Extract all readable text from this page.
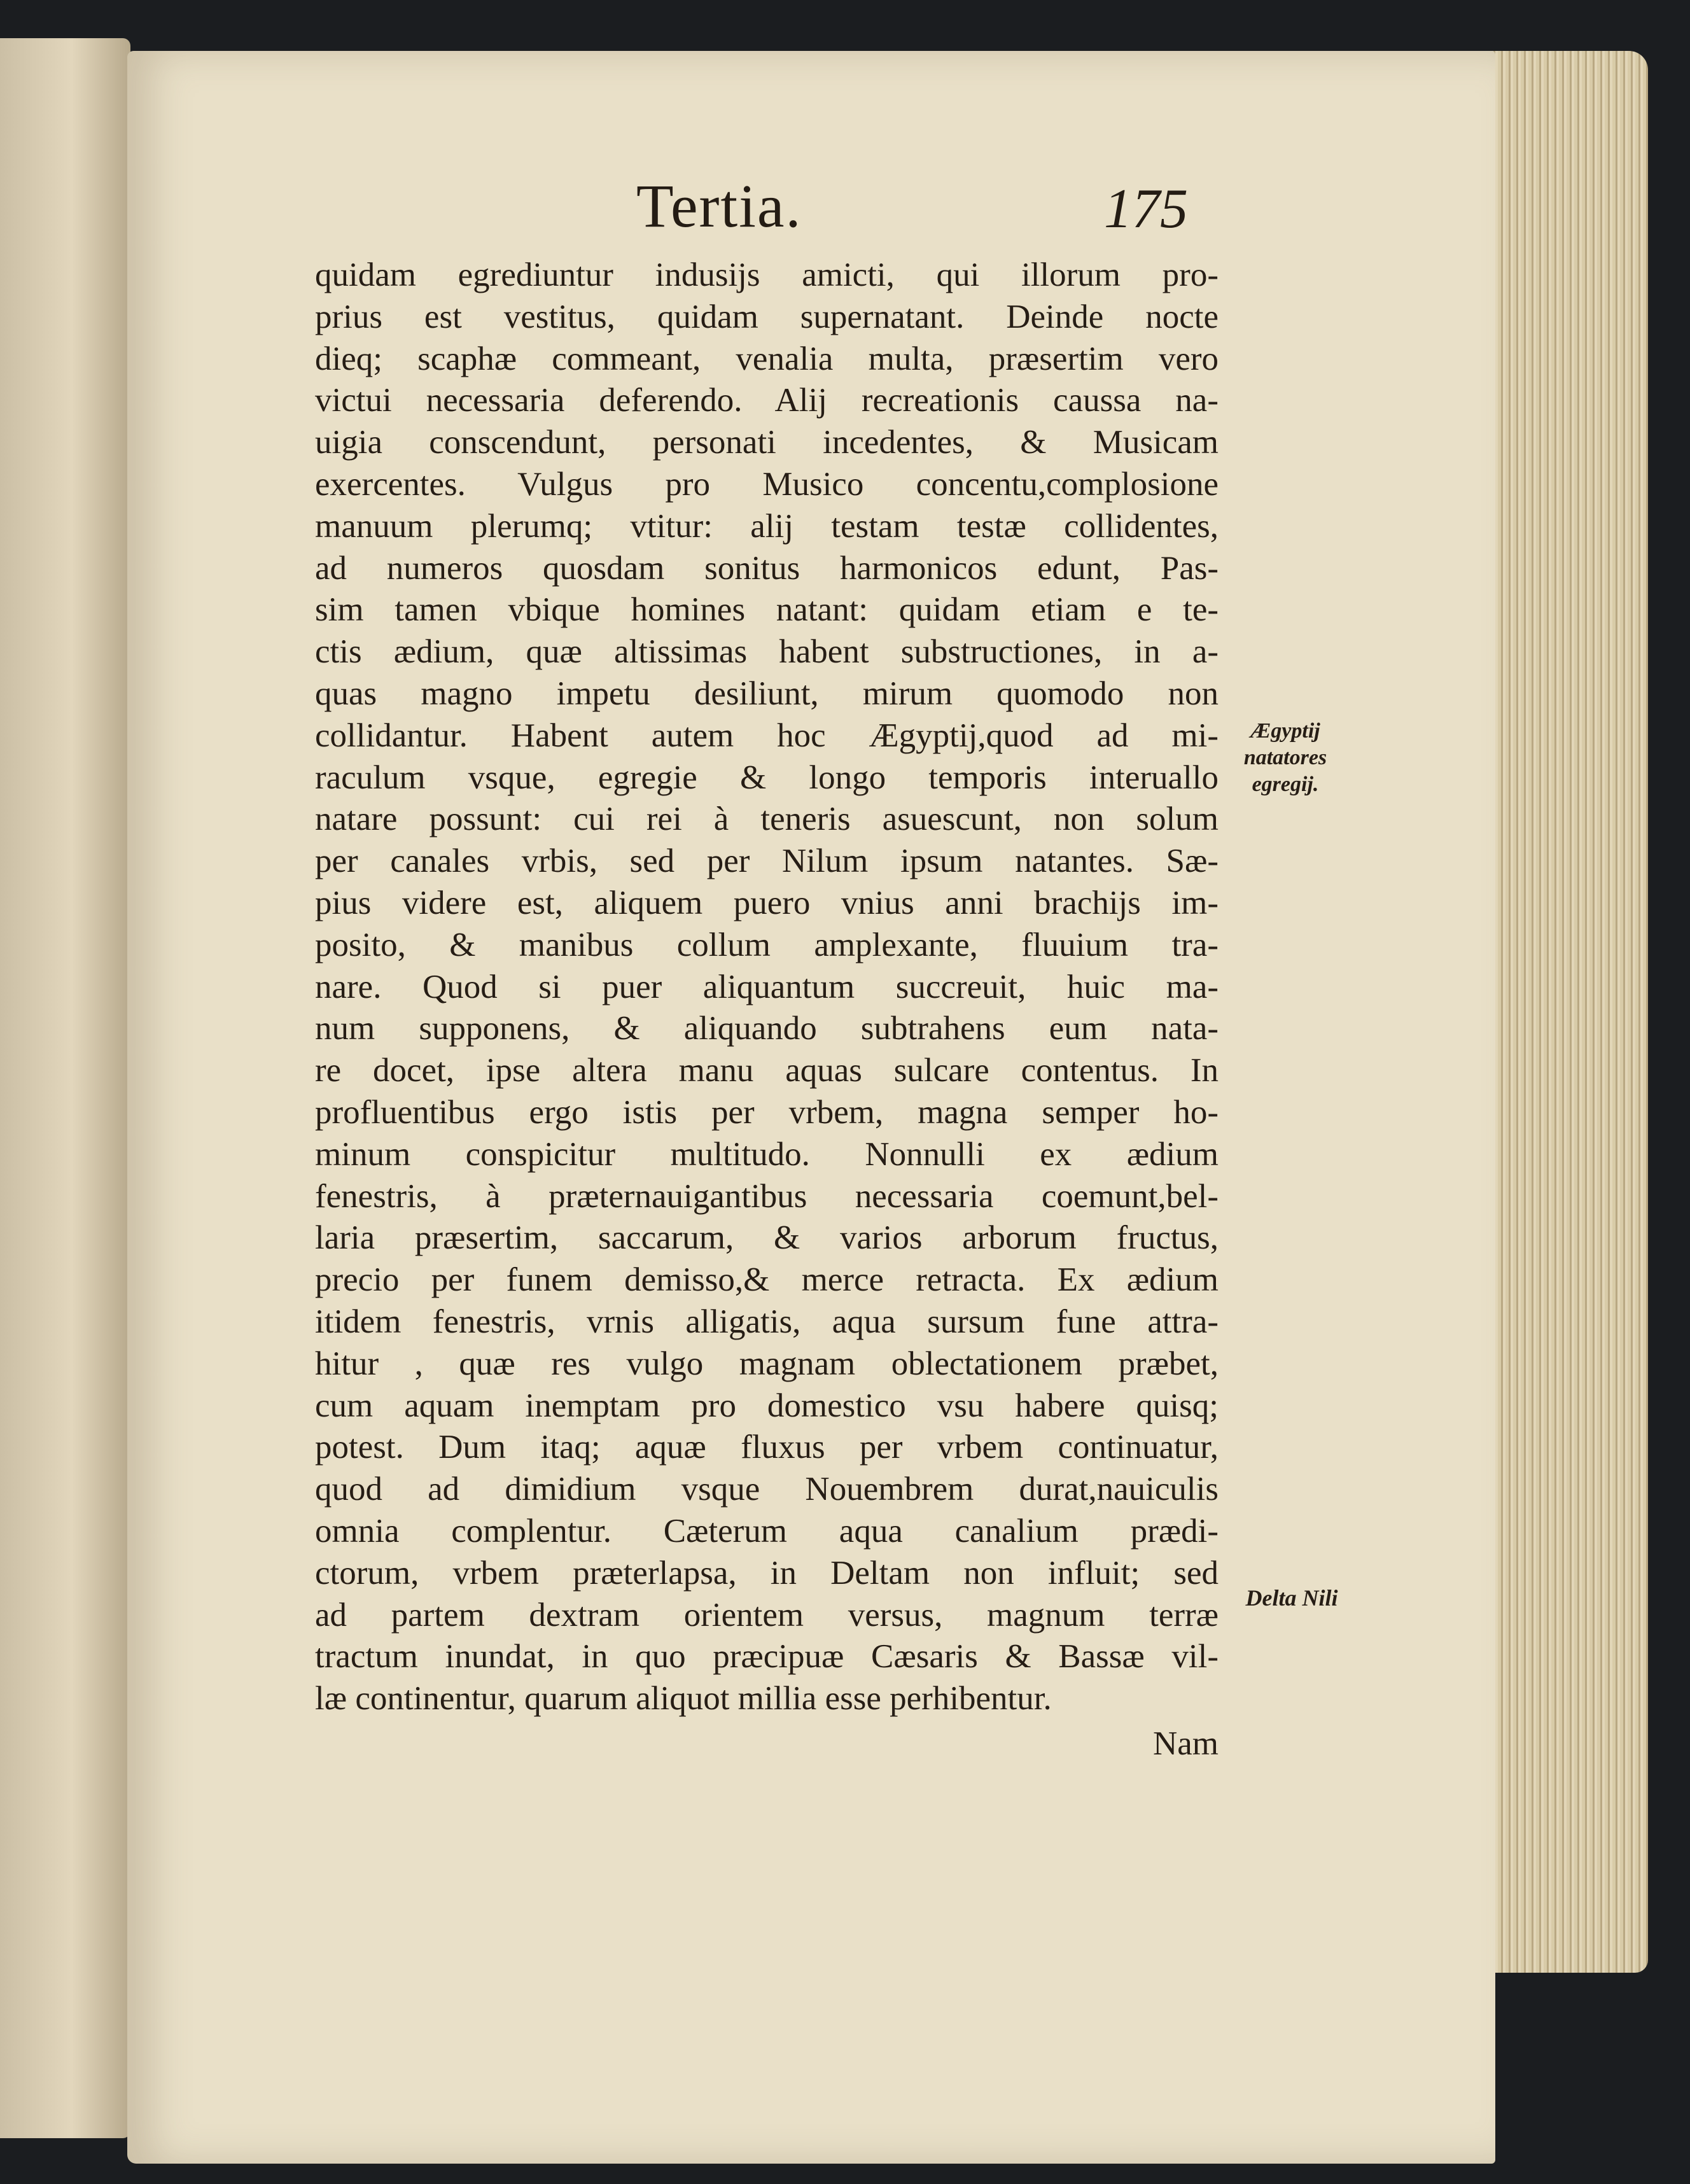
Tertia.	175
quidam egrediuntur indusijs amicti, qui illorum pro-
prius est vestitus, quidam supernatant. Deinde nocte
dieq; scaphæ commeant, venalia multa, præsertim vero
victui necessaria deferendo. Alij recreationis caussa na-
uigia conscendunt, personati incedentes, & Musicam
exercentes. Vulgus pro Musico concentu,complosione
manuum plerumq; vtitur: alij testam testæ collidentes,
ad numeros quosdam sonitus harmonicos edunt, Pas-
sim tamen vbique homines natant: quidam etiam e te-
ctis ædium, quæ altissimas habent substructiones, in a-
quas magno impetu desiliunt, mirum quomodo non
collidantur. Habent autem hoc Ægyptij,quod ad mi-
raculum vsque, egregie & longo temporis interuallo
natare possunt: cui rei à teneris asuescunt, non solum
per canales vrbis, sed per Nilum ipsum natantes. Sæ-
pius videre est, aliquem puero vnius anni brachijs im-
posito, & manibus collum amplexante, fluuium tra-
nare. Quod si puer aliquantum succreuit, huic ma-
num supponens, & aliquando subtrahens eum nata-
re docet, ipse altera manu aquas sulcare contentus. In
profluentibus ergo istis per vrbem, magna semper ho-
minum conspicitur multitudo. Nonnulli ex ædium
fenestris, à præternauigantibus necessaria coemunt,bel-
laria præsertim, saccarum, & varios arborum fructus,
precio per funem demisso,& merce retracta. Ex ædium
itidem fenestris, vrnis alligatis, aqua sursum fune attra-
hitur , quæ res vulgo magnam oblectationem præbet,
cum aquam inemptam pro domestico vsu habere quisq;
potest. Dum itaq; aquæ fluxus per vrbem continuatur,
quod ad dimidium vsque Nouembrem durat,nauiculis
omnia complentur. Cæterum aqua canalium prædi-
ctorum, vrbem præterlapsa, in Deltam non influit; sed
ad partem dextram orientem versus, magnum terræ
tractum inundat, in quo præcipuæ Cæsaris & Bassæ vil-
læ continentur, quarum aliquot millia esse perhibentur.
Nam
Ægyptij
natatores
egregij.
Delta Nili
